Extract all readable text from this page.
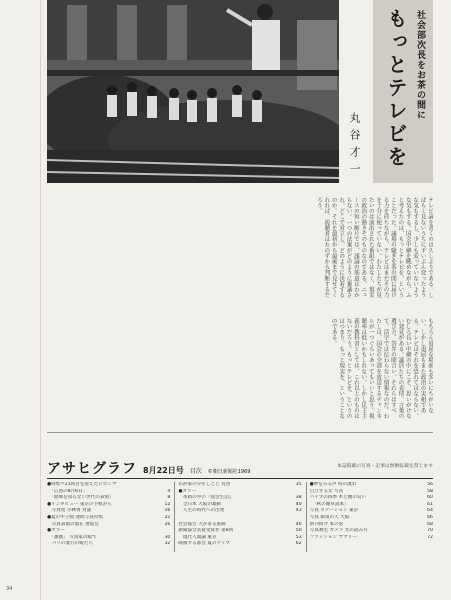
社会部次長をお茶の間に
もっとテレビを
丸谷才一

テレビ論を書くのは久しぶりである。しばらく見ないうちにずいぶん変ったような気もするし、少しも変っていないような気もする。国会中継を眺めながら、ふと考えたのは、もっとテレビを、ということだった。議場の騒ぎを茶の間に届ける力を持ちながら、テレビはまだその力を十分に使っていない。わたしたちが見たいのは演出された番組ではなく、現実の政治の動きそのものなのである。ニュースの短い断片では、議論の筋道はわからない。一つの法案がどのように審議され、どこで対立し、どのように決着するのか。それを最初から最後まで見せてくれれば、視聴者はおのずから判断するだろう。

もちろん退屈な場面も多いにちがいない。しかし退屈もまた政治の実相である。テレビはそれを恐れてはならない。むしろ長い中継の中にこそ、思いがけない発見がある。議員たちの表情、言葉の選び方、答弁の間合い。それらはすべて、活字では伝わらない情報なのだ。わたしは、国会の全部を放送するチャンネルが一つぐらいあってもいいと思う。視聴率は低いかもしれない。しかし民主主義の教科書としては、これ以上のものはないだろう。もっとテレビを、というのはつまり、もっと現実を、ということなのである。

アサヒグラフ 8月22日号 目次 ©朝日新聞社1969
本誌掲載の写真・記事は無断転載を禁じます
●特集＝23回目を迎えたヒロシマ
　「広島の8月6日」	4
　「原爆を知らない世代の表情」	8
●インタビュー 東京の手紙から	12
　写真集 小林勇 対談	16
●夏の甲子園 連続写真特集	22
　写真表現の現在 展覧会	26
●カラー
　「薔薇」 写真家の眼で	30
　パリの流行の娘たち	32
わが家の少年しごと 丸谷	35
●カラー
　革新の中の『国会生活』	38
　全日本 大阪の暴動	40
　人生の時代への出発	43

社会報告 大かまる旅路	46
新聞協会長賞受賞作 第8回	50
　現代人間論 東京	53
映画する都会 夏のアップ	62
●夢をみる声 時の流れ	56
自立する女 写真	58
パイプの四季 木と煙の匂い	60
　「秋の雑草読本」	61
写真 ステーション 東京	64
写真 街角の人 大阪	66
新刊紹介 本の窓	68
写真教室 カメラ 光の読み方	70
ファッション サマリー	72
34
